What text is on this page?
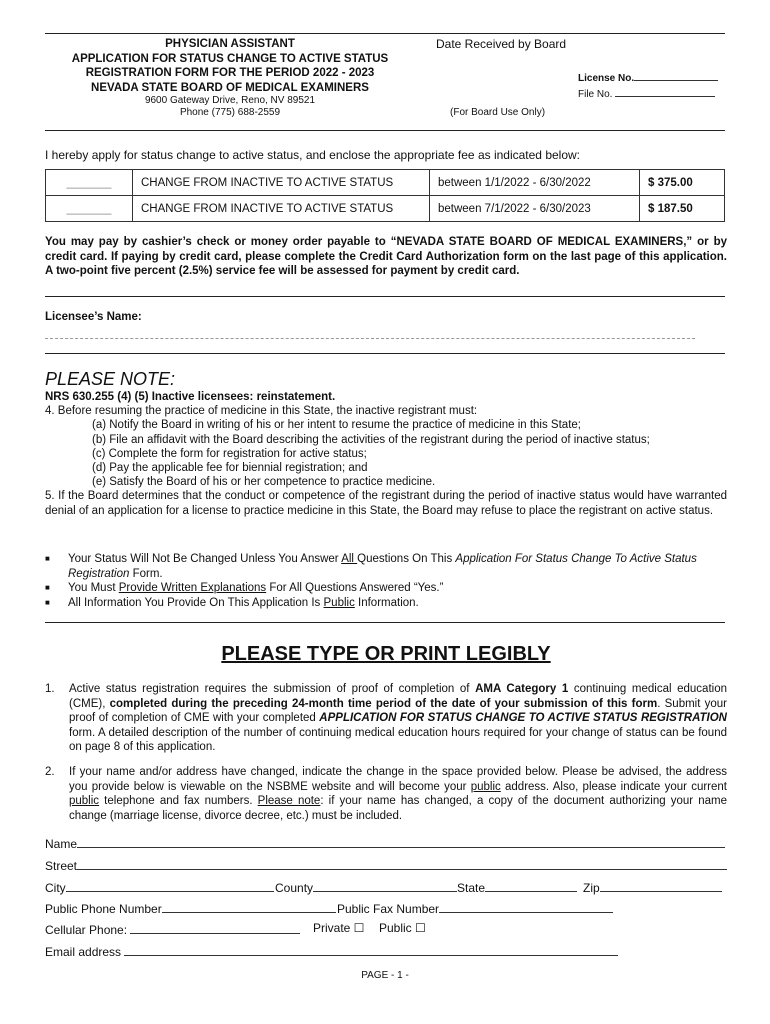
PHYSICIAN ASSISTANT
APPLICATION FOR STATUS CHANGE TO ACTIVE STATUS
REGISTRATION FORM FOR THE PERIOD 2022 - 2023
NEVADA STATE BOARD OF MEDICAL EXAMINERS
9600 Gateway Drive, Reno, NV 89521
Phone (775) 688-2559
Date Received by Board
License No.
File No.
(For Board Use Only)
I hereby apply for status change to active status, and enclose the appropriate fee as indicated below:
_______	CHANGE FROM INACTIVE TO ACTIVE STATUS	between 1/1/2022 - 6/30/2022	$ 375.00
_______	CHANGE FROM INACTIVE TO ACTIVE STATUS	between 7/1/2022 - 6/30/2023	$ 187.50
You may pay by cashier’s check or money order payable to “NEVADA STATE BOARD OF MEDICAL EXAMINERS,” or by credit card. If paying by credit card, please complete the Credit Card Authorization form on the last page of this application. A two-point five percent (2.5%) service fee will be assessed for payment by credit card.
Licensee’s Name:
PLEASE NOTE:
NRS 630.255 (4) (5) Inactive licensees: reinstatement.
4. Before resuming the practice of medicine in this State, the inactive registrant must:
(a) Notify the Board in writing of his or her intent to resume the practice of medicine in this State;
(b) File an affidavit with the Board describing the activities of the registrant during the period of inactive status;
(c) Complete the form for registration for active status;
(d) Pay the applicable fee for biennial registration; and
(e) Satisfy the Board of his or her competence to practice medicine.
5. If the Board determines that the conduct or competence of the registrant during the period of inactive status would have warranted denial of an application for a license to practice medicine in this State, the Board may refuse to place the registrant on active status.
■	Your Status Will Not Be Changed Unless You Answer All Questions On This Application For Status Change To Active Status Registration Form.
■	You Must Provide Written Explanations For All Questions Answered “Yes.”
■	All Information You Provide On This Application Is Public Information.
PLEASE TYPE OR PRINT LEGIBLY
1.	Active status registration requires the submission of proof of completion of AMA Category 1 continuing medical education (CME), completed during the preceding 24-month time period of the date of your submission of this form. Submit your proof of completion of CME with your completed APPLICATION FOR STATUS CHANGE TO ACTIVE STATUS REGISTRATION form. A detailed description of the number of continuing medical education hours required for your change of status can be found on page 8 of this application.
2.	If your name and/or address have changed, indicate the change in the space provided below. Please be advised, the address you provide below is viewable on the NSBME website and will become your public address. Also, please indicate your current public telephone and fax numbers. Please note: if your name has changed, a copy of the document authorizing your name change (marriage license, divorce decree, etc.) must be included.
Name
Street
City	County	State	Zip
Public Phone Number	Public Fax Number
Cellular Phone:	Private ☐ Public ☐
Email address
PAGE - 1 -
